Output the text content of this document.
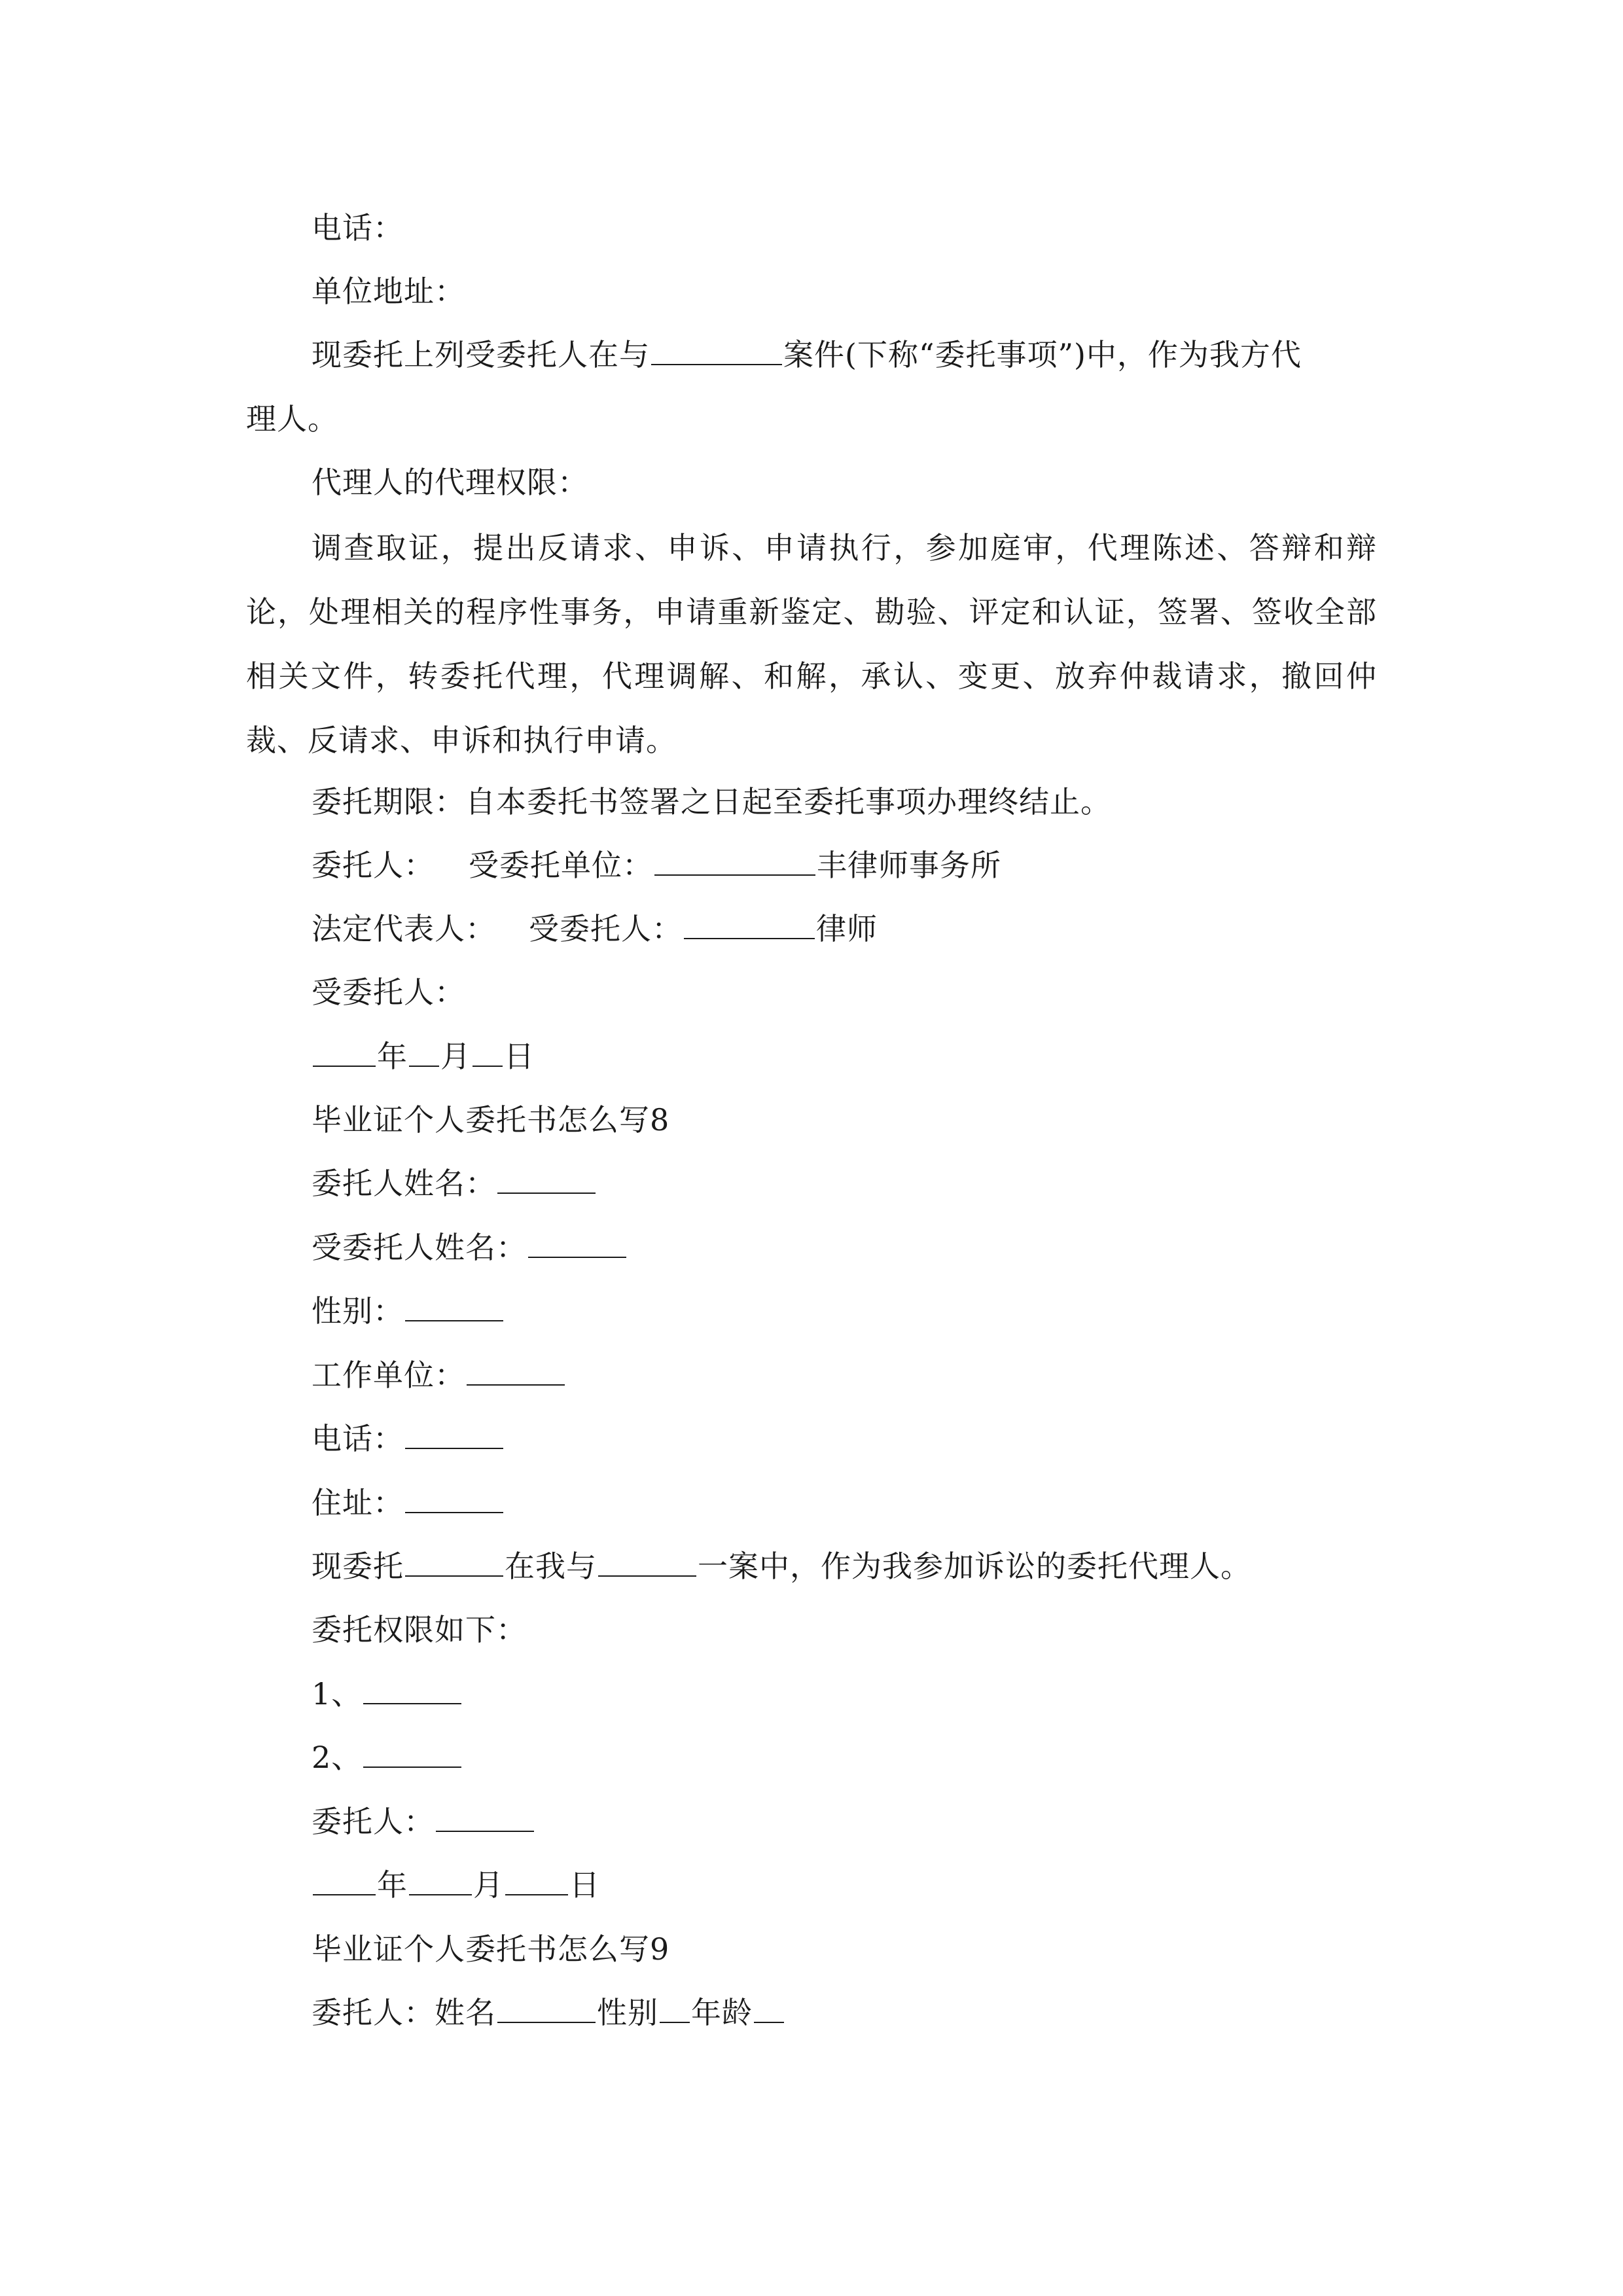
电话：
单位地址：
现委托上列受委托人在与	案件(下称“委托事项”)中，作为我方代
理人。
代理人的代理权限：
调查取证，提出反请求、申诉、申请执行，参加庭审，代理陈述、答辩和辩论，处理相关的程序性事务，申请重新鉴定、勘验、评定和认证，签署、签收全部相关文件，转委托代理，代理调解、和解，承认、变更、放弃仲裁请求，撤回仲裁、反请求、申诉和执行申请。
委托期限：自本委托书签署之日起至委托事项办理终结止。
委托人： 受委托单位：	丰律师事务所
法定代表人： 受委托人：	律师
受委托人：
年 月 日
毕业证个人委托书怎么写8
委托人姓名：
受委托人姓名：
性别：
工作单位：
电话：
住址：
现委托	在我与	一案中，作为我参加诉讼的委托代理人。
委托权限如下：
1、
2、
委托人：
年 月 日
毕业证个人委托书怎么写9
委托人：姓名	性别 年龄
